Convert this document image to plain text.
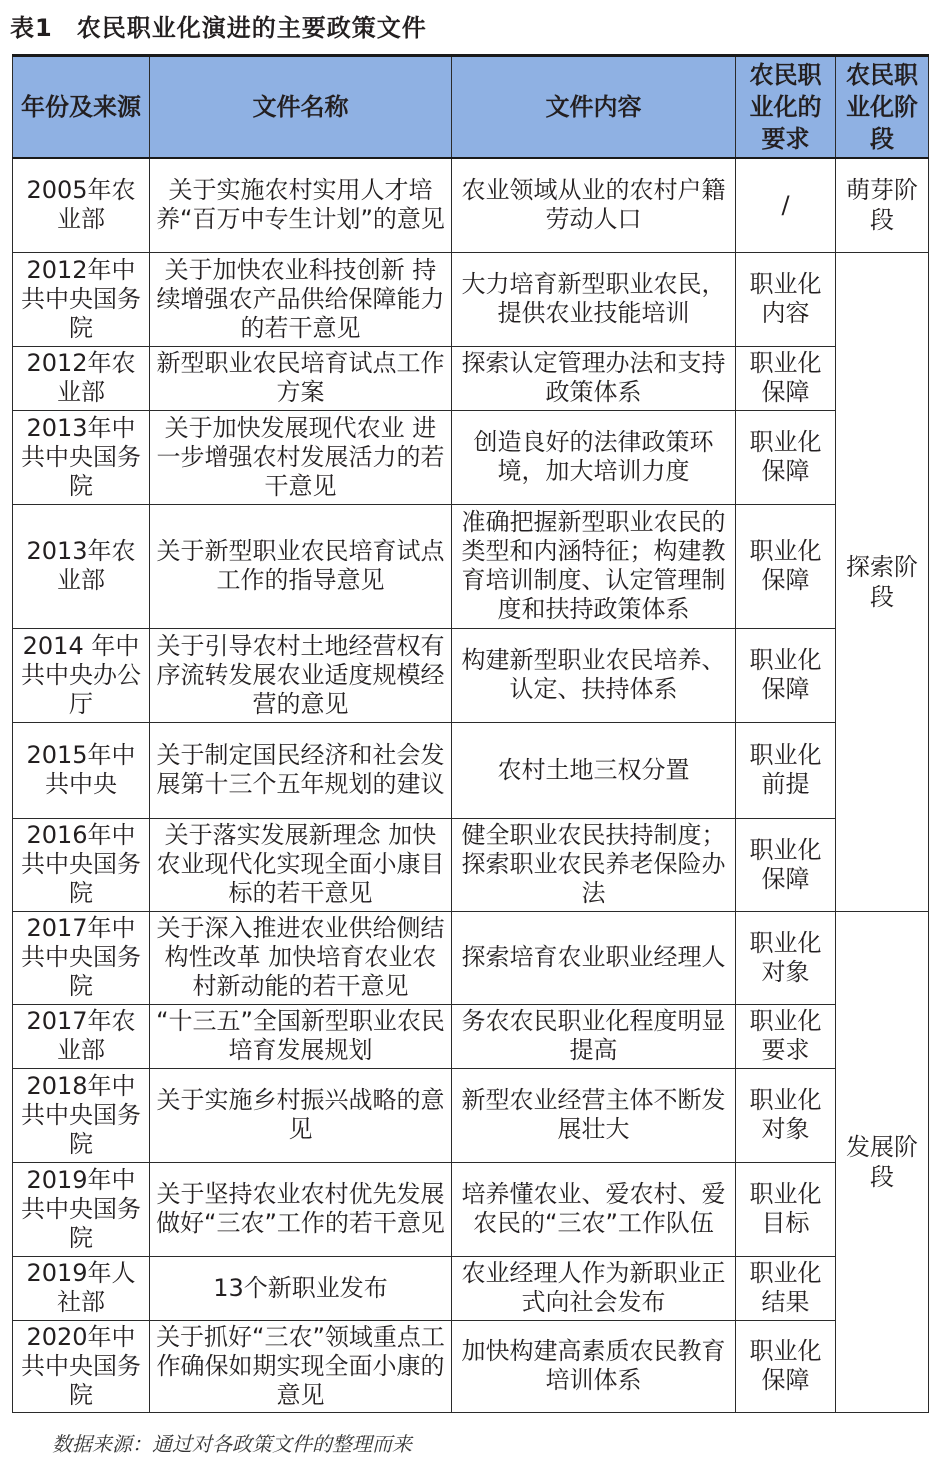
表1 农民职业化演进的主要政策文件
年份及来源	文件名称	文件内容	农民职业化的要求	农民职业化阶段
2005年农业部	关于实施农村实用人才培养“百万中专生计划”的意见	农业领域从业的农村户籍劳动人口	/	萌芽阶段
2012年中共中央国务院	关于加快农业科技创新 持续增强农产品供给保障能力的若干意见	大力培育新型职业农民，提供农业技能培训	职业化内容	探索阶段
2012年农业部	新型职业农民培育试点工作方案	探索认定管理办法和支持政策体系	职业化保障	
2013年中共中央国务院	关于加快发展现代农业 进一步增强农村发展活力的若干意见	创造良好的法律政策环境，加大培训力度	职业化保障	
2013年农业部	关于新型职业农民培育试点工作的指导意见	准确把握新型职业农民的类型和内涵特征；构建教育培训制度、认定管理制度和扶持政策体系	职业化保障	
2014 年中共中央办公厅	关于引导农村土地经营权有序流转发展农业适度规模经营的意见	构建新型职业农民培养、认定、扶持体系	职业化保障	
2015年中共中央	关于制定国民经济和社会发展第十三个五年规划的建议	农村土地三权分置	职业化前提	
2016年中共中央国务院	关于落实发展新理念 加快农业现代化实现全面小康目标的若干意见	健全职业农民扶持制度；探索职业农民养老保险办法	职业化保障	
2017年中共中央国务院	关于深入推进农业供给侧结构性改革 加快培育农业农村新动能的若干意见	探索培育农业职业经理人	职业化对象	发展阶段
2017年农业部	“十三五”全国新型职业农民培育发展规划	务农农民职业化程度明显提高	职业化要求	
2018年中共中央国务院	关于实施乡村振兴战略的意见	新型农业经营主体不断发展壮大	职业化对象	
2019年中共中央国务院	关于坚持农业农村优先发展做好“三农”工作的若干意见	培养懂农业、爱农村、爱农民的“三农”工作队伍	职业化目标	
2019年人社部	13个新职业发布	农业经理人作为新职业正式向社会发布	职业化结果	
2020年中共中央国务院	关于抓好“三农”领域重点工作确保如期实现全面小康的意见	加快构建高素质农民教育培训体系	职业化保障	
数据来源：通过对各政策文件的整理而来
